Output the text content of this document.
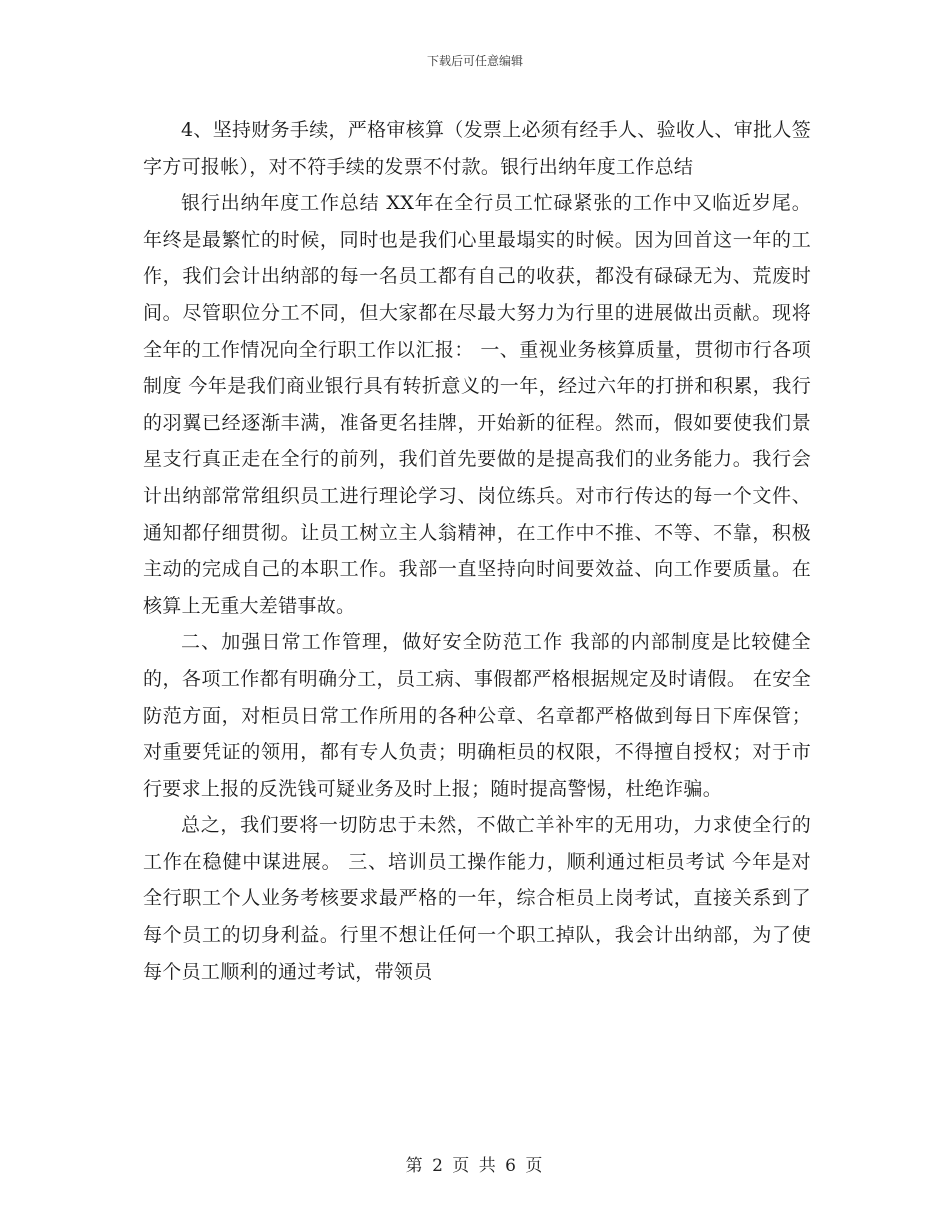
下载后可任意编辑

4、坚持财务手续，严格审核算（发票上必须有经手人、验收人、审批人签字方可报帐），对不符手续的发票不付款。银行出纳年度工作总结

银行出纳年度工作总结 XX年在全行员工忙碌紧张的工作中又临近岁尾。年终是最繁忙的时候，同时也是我们心里最塌实的时候。因为回首这一年的工作，我们会计出纳部的每一名员工都有自己的收获，都没有碌碌无为、荒废时间。尽管职位分工不同，但大家都在尽最大努力为行里的进展做出贡献。现将全年的工作情况向全行职工作以汇报： 一、重视业务核算质量，贯彻市行各项制度 今年是我们商业银行具有转折意义的一年，经过六年的打拼和积累，我行的羽翼已经逐渐丰满，准备更名挂牌，开始新的征程。然而，假如要使我们景星支行真正走在全行的前列，我们首先要做的是提高我们的业务能力。我行会计出纳部常常组织员工进行理论学习、岗位练兵。对市行传达的每一个文件、通知都仔细贯彻。让员工树立主人翁精神，在工作中不推、不等、不靠，积极主动的完成自己的本职工作。我部一直坚持向时间要效益、向工作要质量。在核算上无重大差错事故。

二、加强日常工作管理，做好安全防范工作 我部的内部制度是比较健全的，各项工作都有明确分工，员工病、事假都严格根据规定及时请假。 在安全防范方面，对柜员日常工作所用的各种公章、名章都严格做到每日下库保管；对重要凭证的领用，都有专人负责；明确柜员的权限，不得擅自授权；对于市行要求上报的反洗钱可疑业务及时上报；随时提高警惕，杜绝诈骗。

总之，我们要将一切防忠于未然，不做亡羊补牢的无用功，力求使全行的工作在稳健中谋进展。 三、培训员工操作能力，顺利通过柜员考试 今年是对全行职工个人业务考核要求最严格的一年，综合柜员上岗考试，直接关系到了每个员工的切身利益。行里不想让任何一个职工掉队，我会计出纳部，为了使每个员工顺利的通过考试，带领员

第 2 页 共 6 页
